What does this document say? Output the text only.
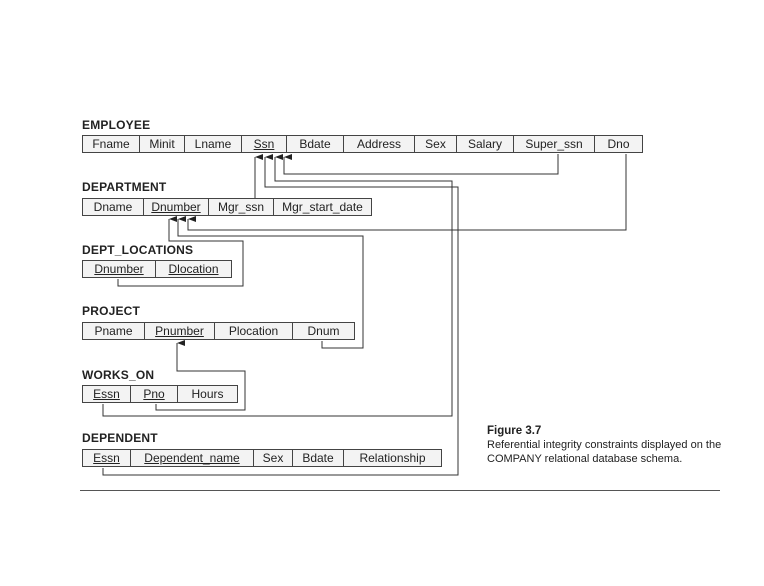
EMPLOYEE
Fname	Minit	Lname	Ssn	Bdate	Address	Sex	Salary	Super_ssn	Dno
DEPARTMENT
Dname	Dnumber	Mgr_ssn	Mgr_start_date
DEPT_LOCATIONS
Dnumber	Dlocation
PROJECT
Pname	Pnumber	Plocation	Dnum
WORKS_ON
Essn	Pno	Hours
DEPENDENT
Essn	Dependent_name	Sex	Bdate	Relationship
Figure 3.7
Referential integrity constraints displayed on the COMPANY relational database schema.
